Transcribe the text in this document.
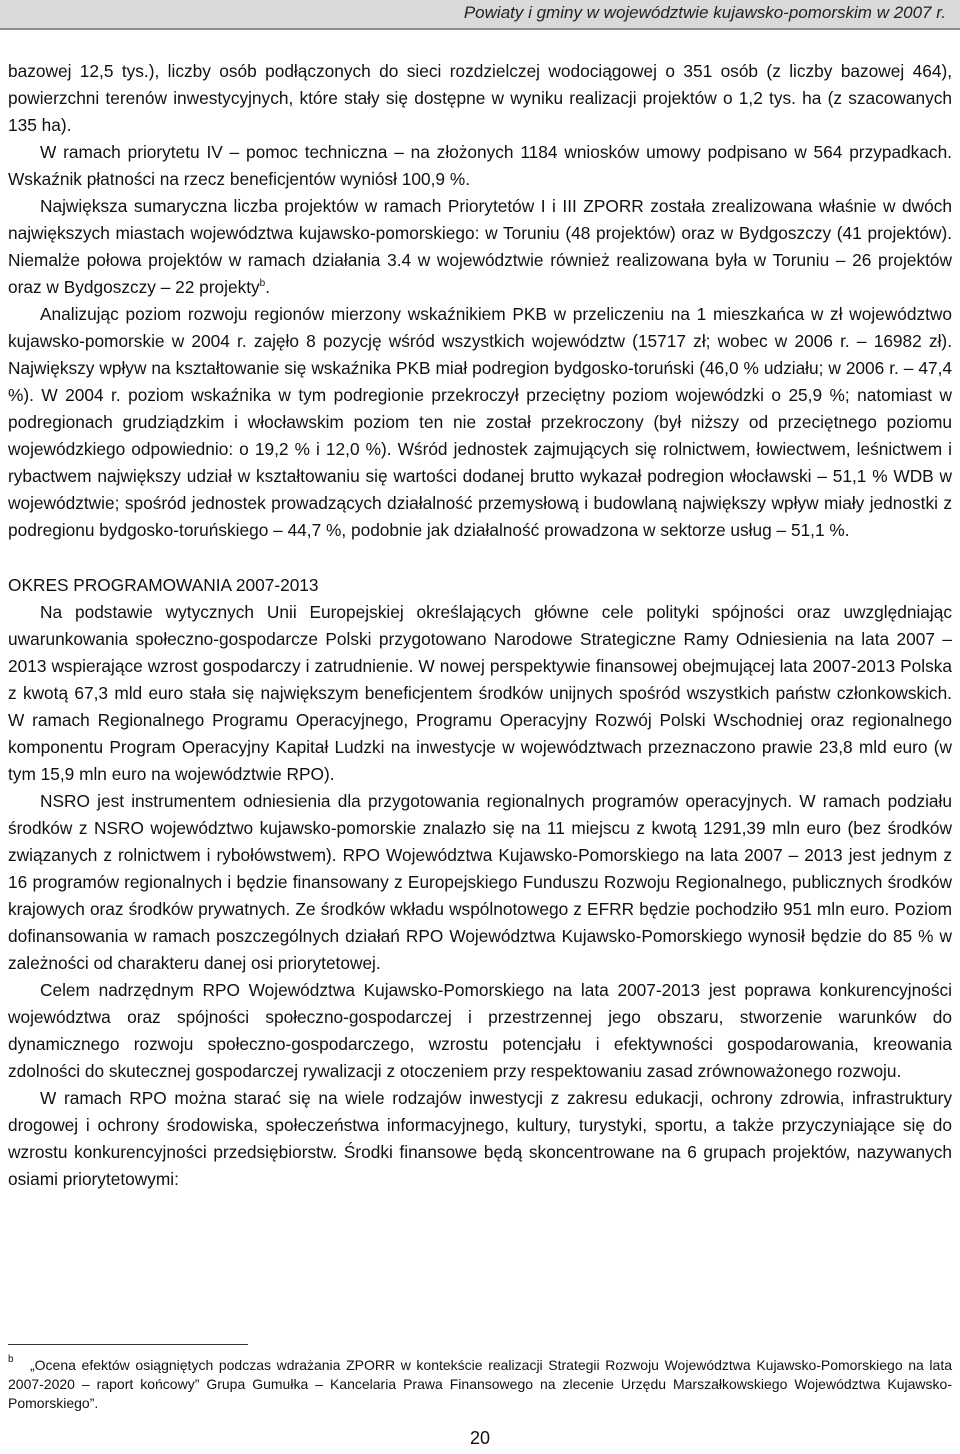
Powiaty i gminy w województwie kujawsko-pomorskim w 2007 r.

bazowej 12,5 tys.), liczby osób podłączonych do sieci rozdzielczej wodociągowej o 351 osób (z liczby bazowej 464), powierzchni terenów inwestycyjnych, które stały się dostępne w wyniku realizacji projektów o 1,2 tys. ha (z szacowanych 135 ha).

W ramach priorytetu IV – pomoc techniczna – na złożonych 1184 wniosków umowy podpisano w 564 przypadkach. Wskaźnik płatności na rzecz beneficjentów wyniósł 100,9 %.

Największa sumaryczna liczba projektów w ramach Priorytetów I i III ZPORR została zrealizowana właśnie w dwóch największych miastach województwa kujawsko-pomorskiego: w Toruniu (48 projektów) oraz w Bydgoszczy (41 projektów). Niemalże połowa projektów w ramach działania 3.4 w województwie również realizowana była w Toruniu – 26 projektów oraz w Bydgoszczy – 22 projekty$^b$.

Analizując poziom rozwoju regionów mierzony wskaźnikiem PKB w przeliczeniu na 1 mieszkańca w zł województwo kujawsko-pomorskie w 2004 r. zajęło 8 pozycję wśród wszystkich województw (15717 zł; wobec w 2006 r. – 16982 zł). Największy wpływ na kształtowanie się wskaźnika PKB miał podregion bydgosko-toruński (46,0 % udziału; w 2006 r. – 47,4 %). W 2004 r. poziom wskaźnika w tym podregionie przekroczył przeciętny poziom wojewódzki o 25,9 %; natomiast w podregionach grudziądzkim i włocławskim poziom ten nie został przekroczony (był niższy od przeciętnego poziomu wojewódzkiego odpowiednio: o 19,2 % i 12,0 %). Wśród jednostek zajmujących się rolnictwem, łowiectwem, leśnictwem i rybactwem największy udział w kształtowaniu się wartości dodanej brutto wykazał podregion włocławski – 51,1 % WDB w województwie; spośród jednostek prowadzących działalność przemysłową i budowlaną największy wpływ miały jednostki z podregionu bydgosko-toruńskiego – 44,7 %, podobnie jak działalność prowadzona w sektorze usług – 51,1 %.

OKRES PROGRAMOWANIA 2007-2013

Na podstawie wytycznych Unii Europejskiej określających główne cele polityki spójności oraz uwzględniając uwarunkowania społeczno-gospodarcze Polski przygotowano Narodowe Strategiczne Ramy Odniesienia na lata 2007 – 2013 wspierające wzrost gospodarczy i zatrudnienie. W nowej perspektywie finansowej obejmującej lata 2007-2013 Polska z kwotą 67,3 mld euro stała się największym beneficjentem środków unijnych spośród wszystkich państw członkowskich. W ramach Regionalnego Programu Operacyjnego, Programu Operacyjny Rozwój Polski Wschodniej oraz regionalnego komponentu Program Operacyjny Kapitał Ludzki na inwestycje w województwach przeznaczono prawie 23,8 mld euro (w tym 15,9 mln euro na województwie RPO).

NSRO jest instrumentem odniesienia dla przygotowania regionalnych programów operacyjnych. W ramach podziału środków z NSRO województwo kujawsko-pomorskie znalazło się na 11 miejscu z kwotą 1291,39 mln euro (bez środków związanych z rolnictwem i rybołówstwem). RPO Województwa Kujawsko-Pomorskiego na lata 2007 – 2013 jest jednym z 16 programów regionalnych i będzie finansowany z Europejskiego Funduszu Rozwoju Regionalnego, publicznych środków krajowych oraz środków prywatnych. Ze środków wkładu wspólnotowego z EFRR będzie pochodziło 951 mln euro. Poziom dofinansowania w ramach poszczególnych działań RPO Województwa Kujawsko-Pomorskiego wynosił będzie do 85 % w zależności od charakteru danej osi priorytetowej.

Celem nadrzędnym RPO Województwa Kujawsko-Pomorskiego na lata 2007-2013 jest poprawa konkurencyjności województwa oraz spójności społeczno-gospodarczej i przestrzennej jego obszaru, stworzenie warunków do dynamicznego rozwoju społeczno-gospodarczego, wzrostu potencjału i efektywności gospodarowania, kreowania zdolności do skutecznej gospodarczej rywalizacji z otoczeniem przy respektowaniu zasad zrównoważonego rozwoju.

W ramach RPO można starać się na wiele rodzajów inwestycji z zakresu edukacji, ochrony zdrowia, infrastruktury drogowej i ochrony środowiska, społeczeństwa informacyjnego, kultury, turystyki, sportu, a także przyczyniające się do wzrostu konkurencyjności przedsiębiorstw. Środki finansowe będą skoncentrowane na 6 grupach projektów, nazywanych osiami priorytetowymi:

b	„Ocena efektów osiągniętych podczas wdrażania ZPORR w kontekście realizacji Strategii Rozwoju Województwa Kujawsko-Pomorskiego na lata 2007-2020 – raport końcowy” Grupa Gumułka – Kancelaria Prawa Finansowego na zlecenie Urzędu Marszałkowskiego Województwa Kujawsko-Pomorskiego”.
20
